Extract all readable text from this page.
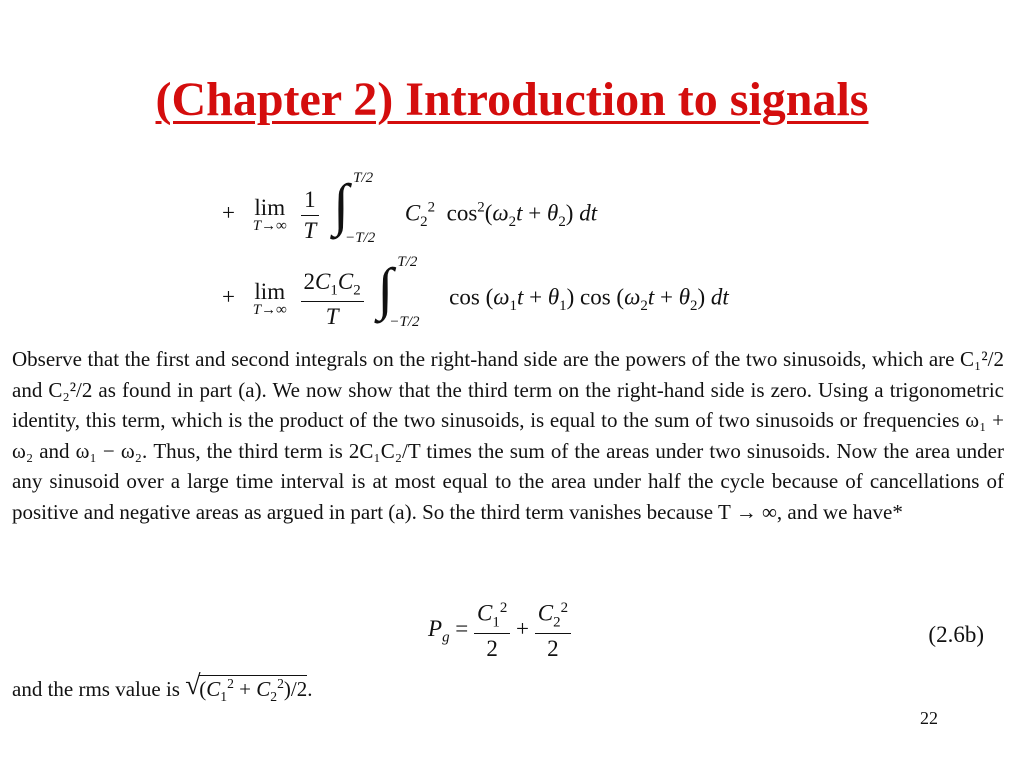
(Chapter 2) Introduction to signals
+ lim
T→∞
$\frac{1}{T}$
∫ T/2
−T/2
$C_2^2$  $\cos^2(\omega_2t + \theta_2)$ dt
+ lim
T→∞
$\frac{2C_1C_2}{T}$
∫ T/2
−T/2
$\cos (\omega_1t + \theta_1)$ $\cos (\omega_2t + \theta_2)$ dt

Observe that the first and second integrals on the right-hand side are the powers of the two sinusoids, which are C₁²/2 and C₂²/2 as found in part (a). We now show that the third term on the right-hand side is zero. Using a trigonometric identity, this term, which is the product of the two sinusoids, is equal to the sum of two sinusoids or frequencies ω₁ + ω₂ and ω₁ − ω₂. Thus, the third term is 2C₁C₂/T times the sum of the areas under two sinusoids. Now the area under any sinusoid over a large time interval is at most equal to the area under half the cycle because of cancellations of positive and negative areas as argued in part (a). So the third term vanishes because T → ∞, and we have*

$P_g = \frac{C_1^2}{2} + \frac{C_2^2}{2}$	(2.6b)
and the rms value is √
$(C_1^2 + C_2^2)/2$.
22
